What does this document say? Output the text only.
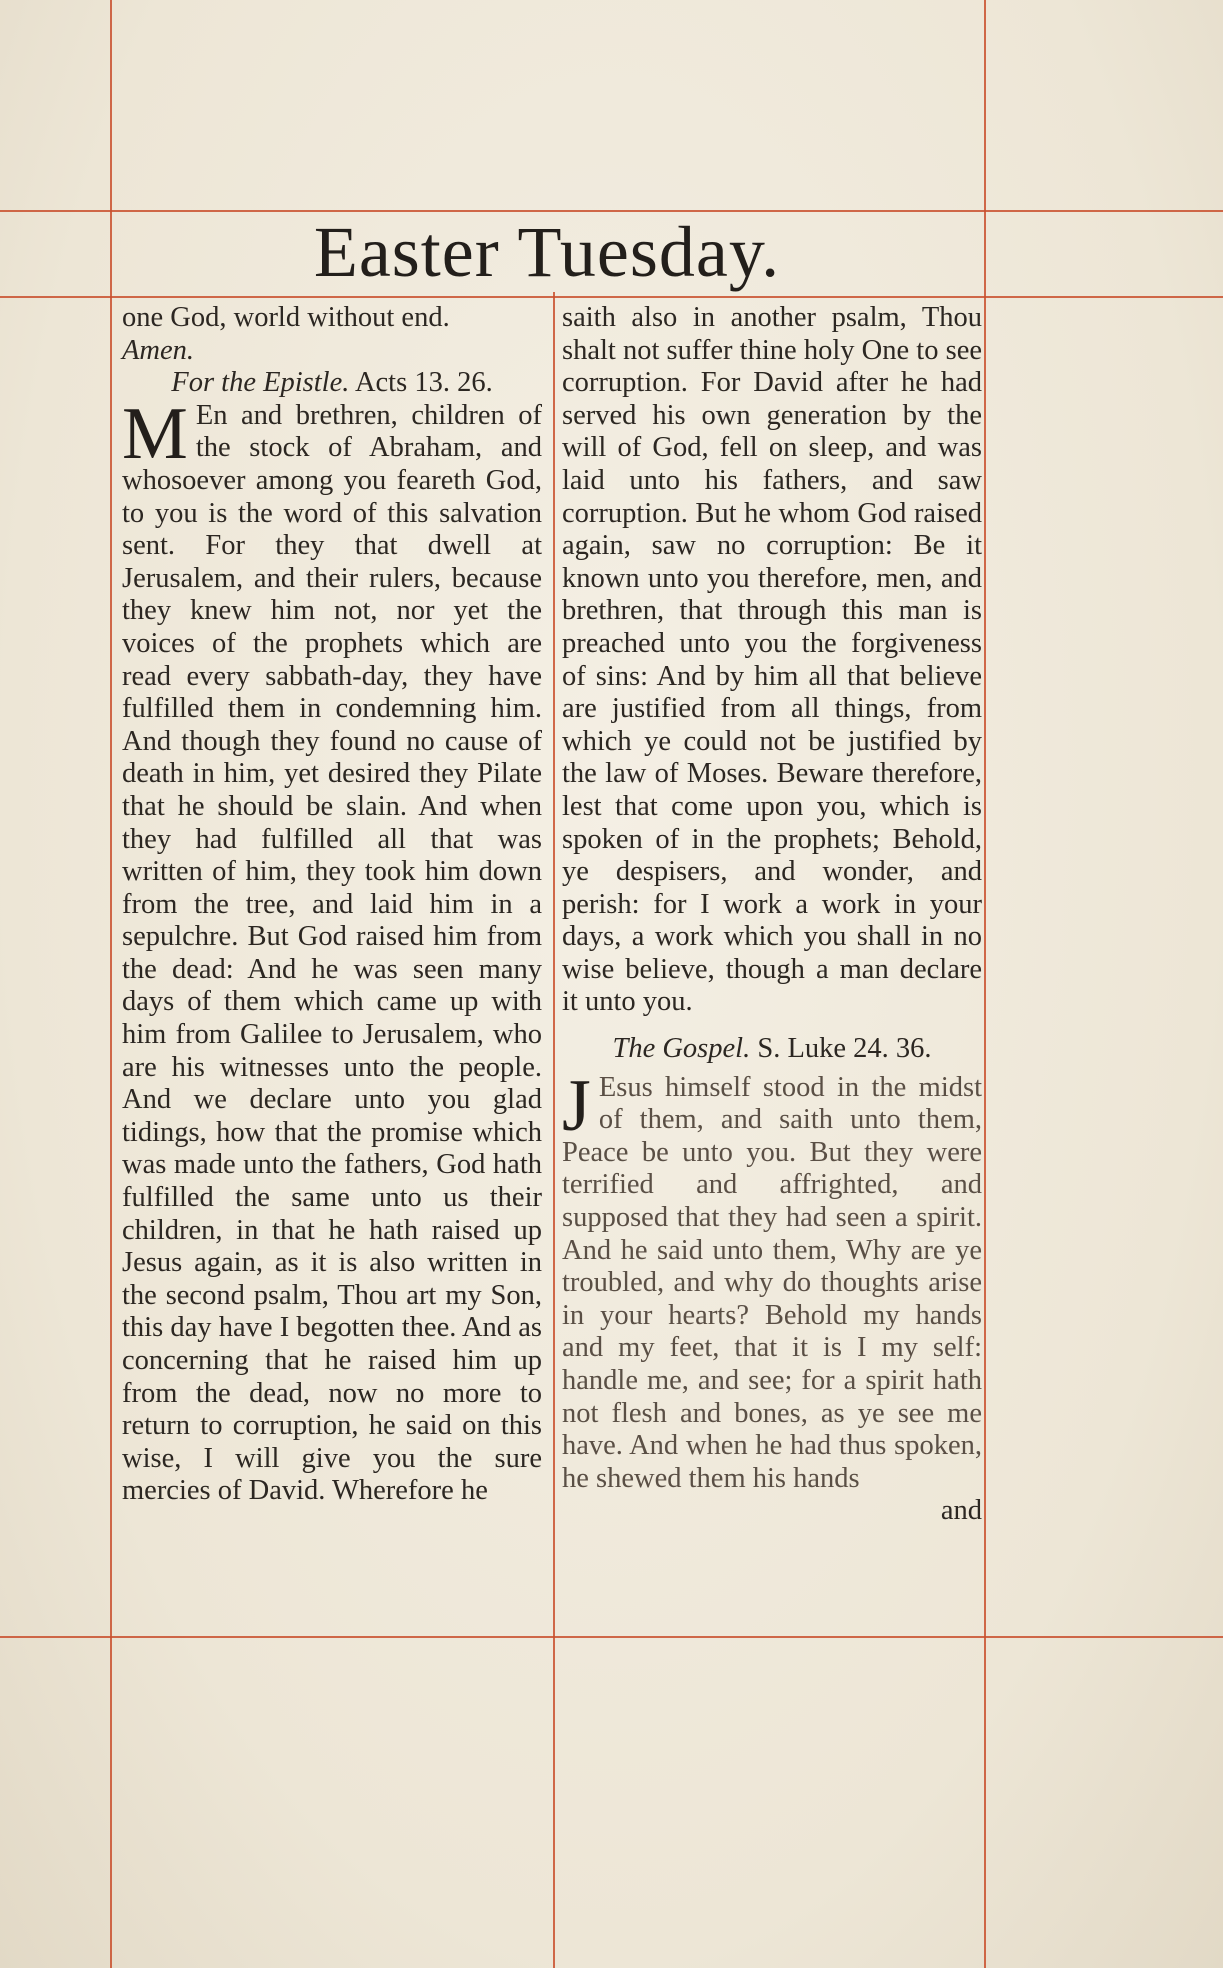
Easter Tuesday.

one God, world without end.

Amen.

For the Epistle. Acts 13. 26.

M En and brethren, children of the stock of Abraham, and whosoever among you feareth God, to you is the word of this salvation sent. For they that dwell at Jerusalem, and their rulers, because they knew him not, nor yet the voices of the prophets which are read every sabbath-day, they have fulfilled them in condemning him. And though they found no cause of death in him, yet desired they Pilate that he should be slain. And when they had fulfilled all that was written of him, they took him down from the tree, and laid him in a sepulchre. But God raised him from the dead: And he was seen many days of them which came up with him from Galilee to Jerusalem, who are his witnesses unto the people. And we declare unto you glad tidings, how that the promise which was made unto the fathers, God hath fulfilled the same unto us their children, in that he hath raised up Jesus again, as it is also written in the second psalm, Thou art my Son, this day have I begotten thee. And as concerning that he raised him up from the dead, now no more to return to corruption, he said on this wise, I will give you the sure mercies of David. Wherefore he

saith also in another psalm, Thou shalt not suffer thine holy One to see corruption. For David after he had served his own generation by the will of God, fell on sleep, and was laid unto his fathers, and saw corruption. But he whom God raised again, saw no corruption: Be it known unto you therefore, men, and brethren, that through this man is preached unto you the forgiveness of sins: And by him all that believe are justified from all things, from which ye could not be justified by the law of Moses. Beware therefore, lest that come upon you, which is spoken of in the prophets; Behold, ye despisers, and wonder, and perish: for I work a work in your days, a work which you shall in no wise believe, though a man declare it unto you.

The Gospel. S. Luke 24. 36.

J Esus himself stood in the midst of them, and saith unto them, Peace be unto you. But they were terrified and affrighted, and supposed that they had seen a spirit. And he said unto them, Why are ye troubled, and why do thoughts arise in your hearts? Behold my hands and my feet, that it is I my self: handle me, and see; for a spirit hath not flesh and bones, as ye see me have. And when he had thus spoken, he shewed them his hands

and
